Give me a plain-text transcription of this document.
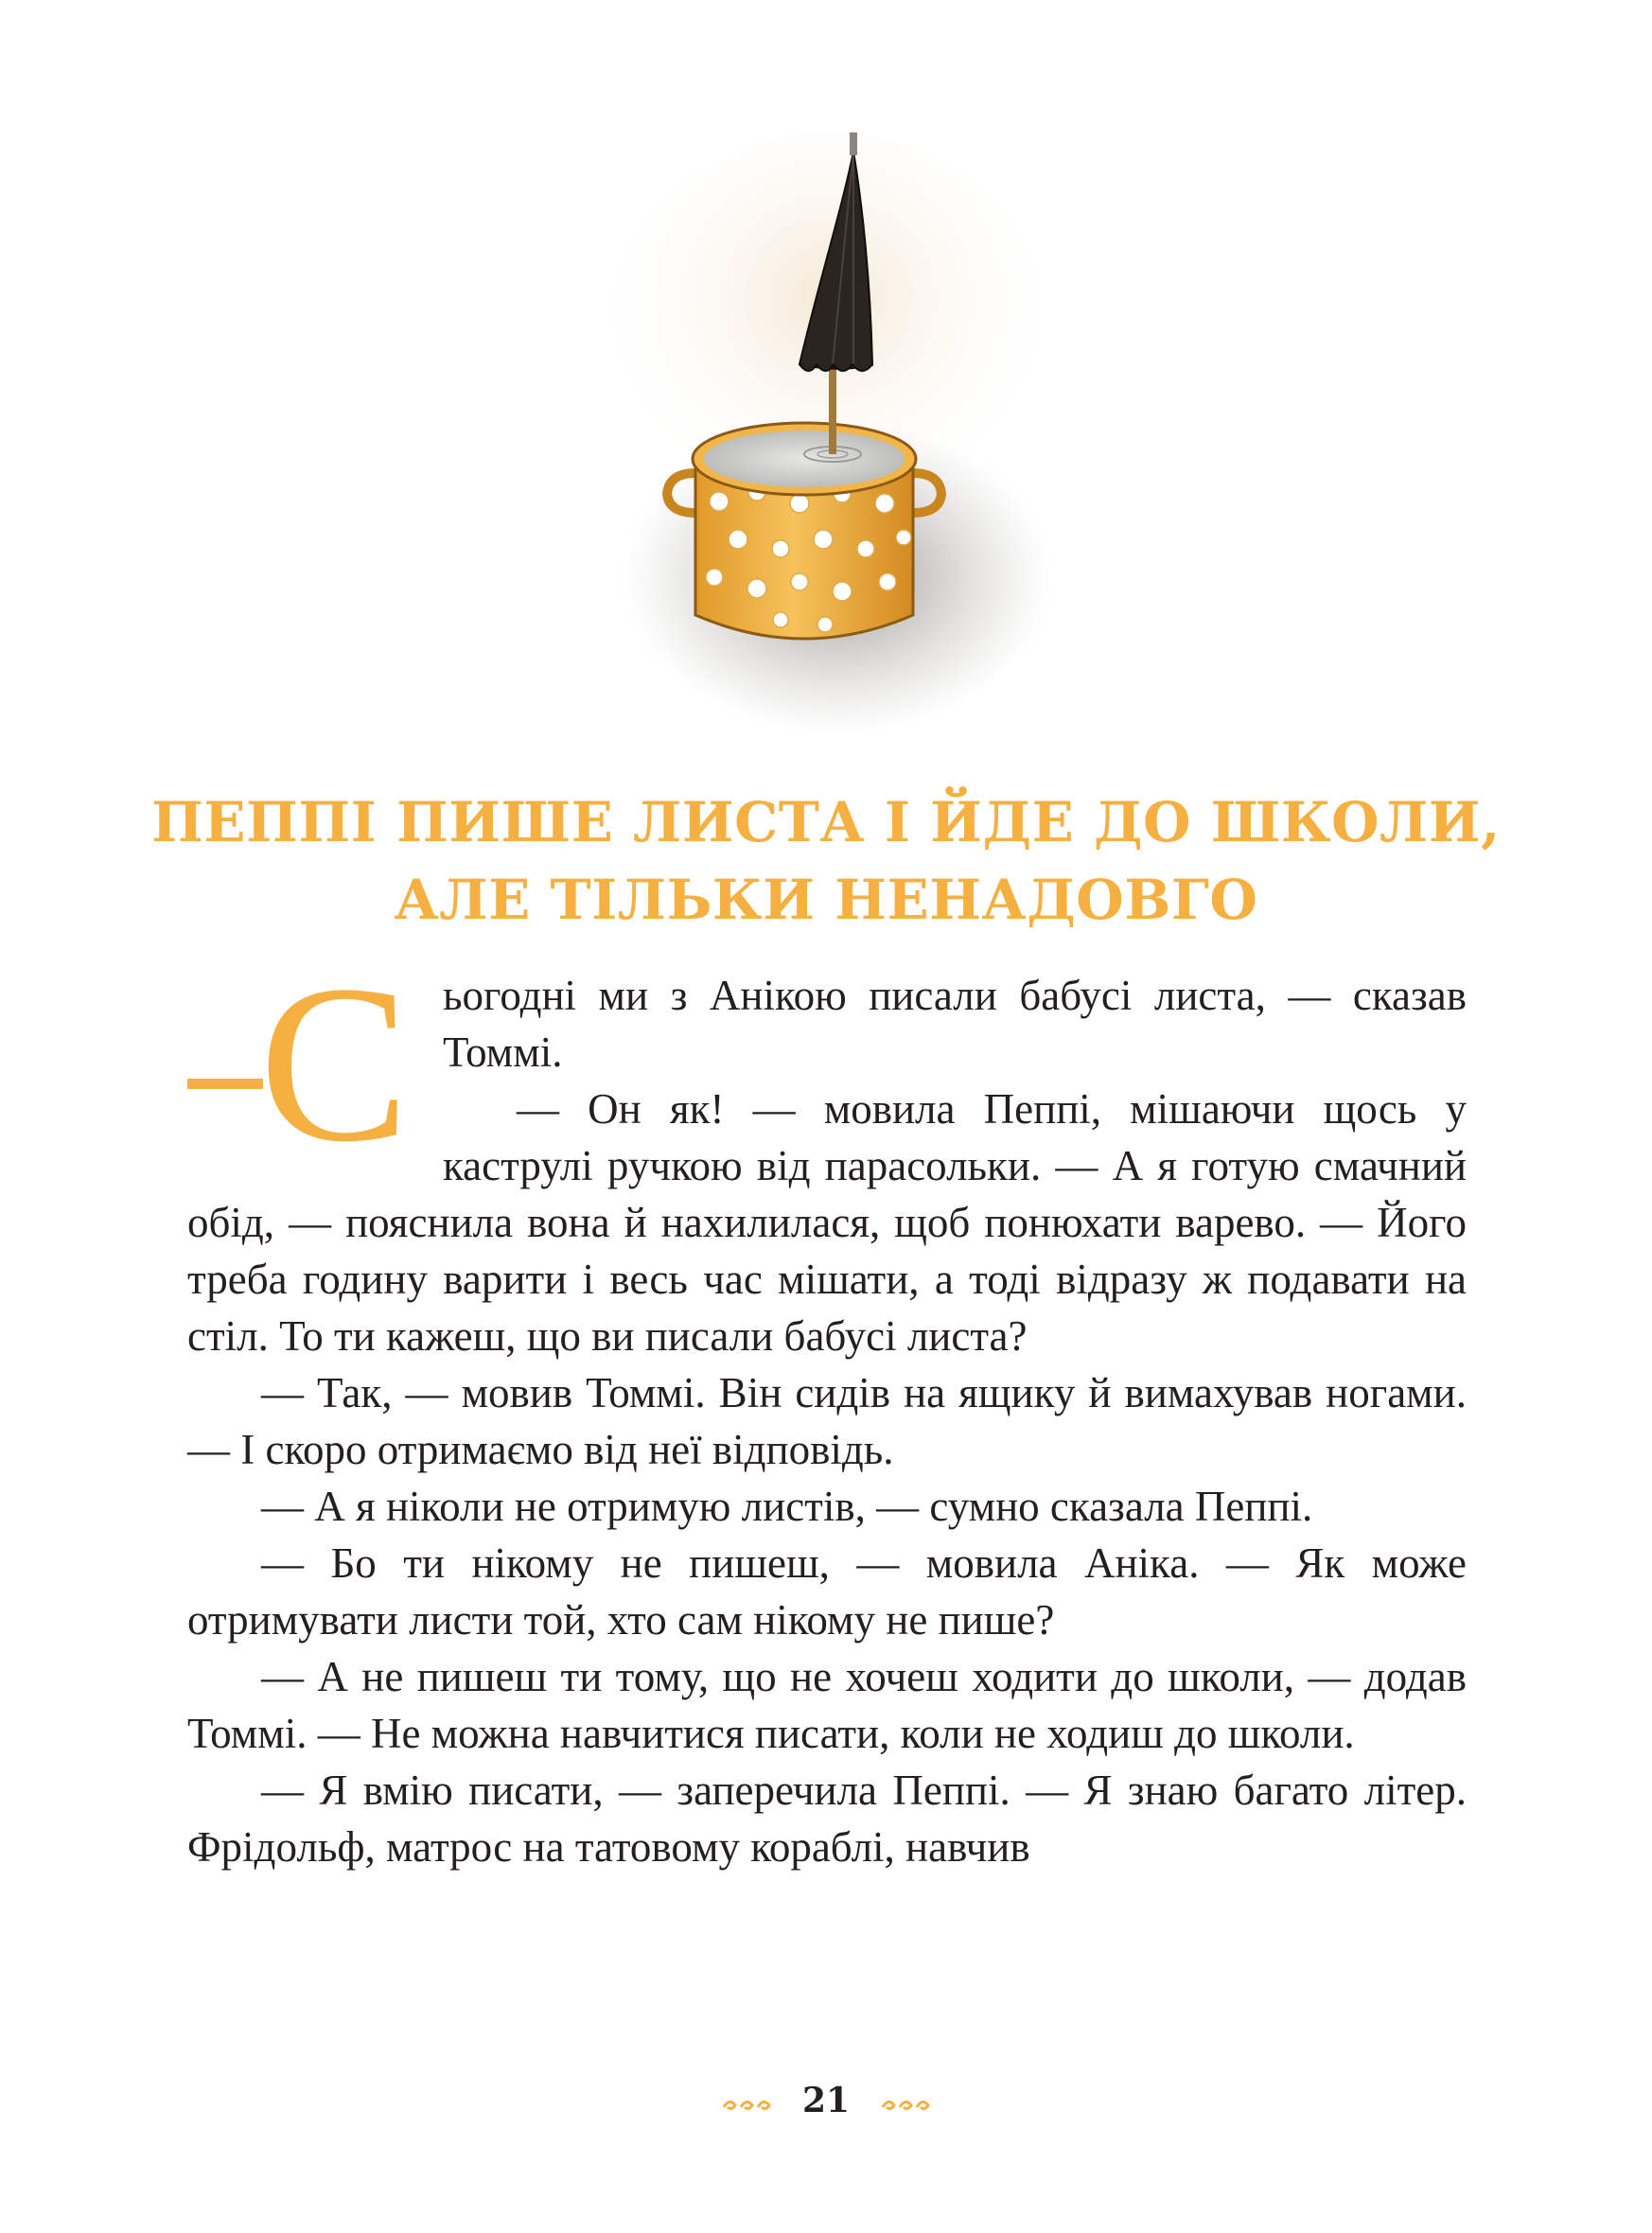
ПЕППІ ПИШЕ ЛИСТА І ЙДЕ ДО ШКОЛИ,
АЛЕ ТІЛЬКИ НЕНАДОВГО
С ьогодні ми з Анікою писали бабусі листа, — сказав Томмі.

— Он як! — мовила Пеппі, мішаючи щось у каструлі ручкою від парасольки. — А я готую смачний обід, — пояснила вона й нахилилася, щоб понюхати варево. — Його треба годину варити і весь час мішати, а тоді відразу ж подавати на стіл. То ти кажеш, що ви писали бабусі листа?

— Так, — мовив Томмі. Він сидів на ящику й вимахував ногами. — І скоро отримаємо від неї відповідь.

— А я ніколи не отримую листів, — сумно сказала Пеппі.

— Бо ти нікому не пишеш, — мовила Аніка. — Як може отримувати листи той, хто сам нікому не пише?

— А не пишеш ти тому, що не хочеш ходити до школи, — додав Томмі. — Не можна навчитися писати, коли не ходиш до школи.

— Я вмію писати, — заперечила Пеппі. — Я знаю багато літер. Фрідольф, матрос на татовому кораблі, навчив

21
